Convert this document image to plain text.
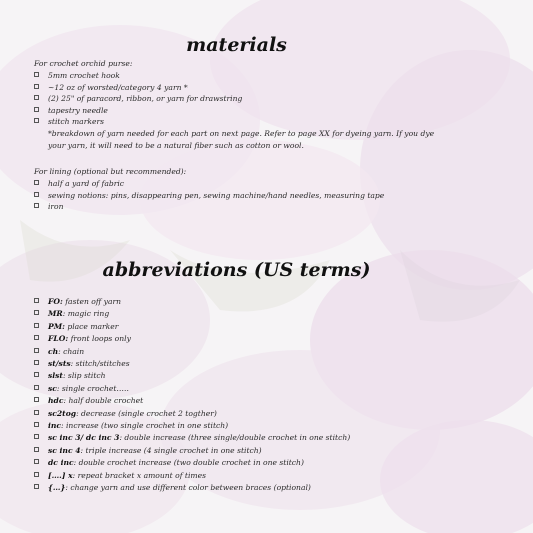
materials
For crochet orchid purse:
5mm crochet hook
~12 oz of worsted/category 4 yarn *
(2) 25" of paracord, ribbon, or yarn for drawstring
tapestry needle
stitch markers
*breakdown of yarn needed for each part on next page. Refer to page XX for dyeing yarn. If you dye
your yarn, it will need to be a natural fiber such as cotton or wool.
For lining (optional but recommended):
half a yard of fabric
sewing notions: pins, disappearing pen, sewing machine/hand needles, measuring tape
iron
abbreviations (US terms)
FO: fasten off yarn
MR: magic ring
PM: place marker
FLO: front loops only
ch: chain
st/sts: stitch/stitches
slst: slip stitch
sc: single crochet…..
hdc: half double crochet
sc2tog: decrease (single crochet 2 togther)
inc: increase (two single crochet in one stitch)
sc inc 3/ dc inc 3: double increase (three single/double crochet in one stitch)
sc inc 4: triple increase (4 single crochet in one stitch)
dc inc: double crochet increase (two double crochet in one stitch)
[….] x: repeat bracket x amount of times
{…}: change yarn and use different color between braces (optional)
